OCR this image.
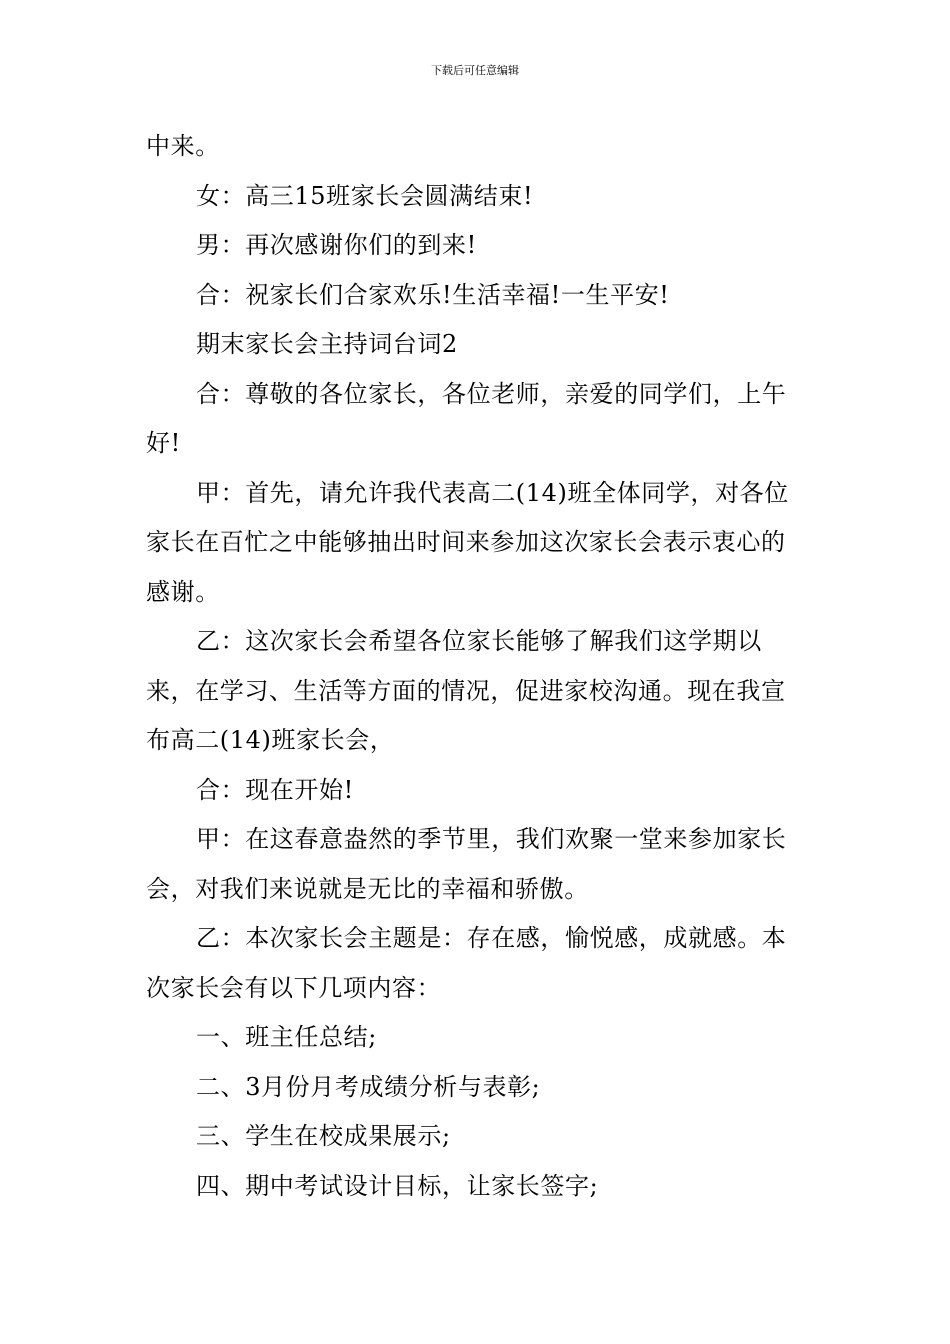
下载后可任意编辑

中来。

女：高三15班家长会圆满结束!

男：再次感谢你们的到来!

合：祝家长们合家欢乐!生活幸福!一生平安!

期末家长会主持词台词2

合：尊敬的各位家长，各位老师，亲爱的同学们，上午好!

甲：首先，请允许我代表高二(14)班全体同学，对各位家长在百忙之中能够抽出时间来参加这次家长会表示衷心的感谢。

乙：这次家长会希望各位家长能够了解我们这学期以来，在学习、生活等方面的情况，促进家校沟通。现在我宣布高二(14)班家长会，

合：现在开始!

甲：在这春意盎然的季节里，我们欢聚一堂来参加家长会，对我们来说就是无比的幸福和骄傲。

乙：本次家长会主题是：存在感，愉悦感，成就感。本次家长会有以下几项内容：

一、班主任总结;

二、3月份月考成绩分析与表彰;

三、学生在校成果展示;

四、期中考试设计目标，让家长签字;
